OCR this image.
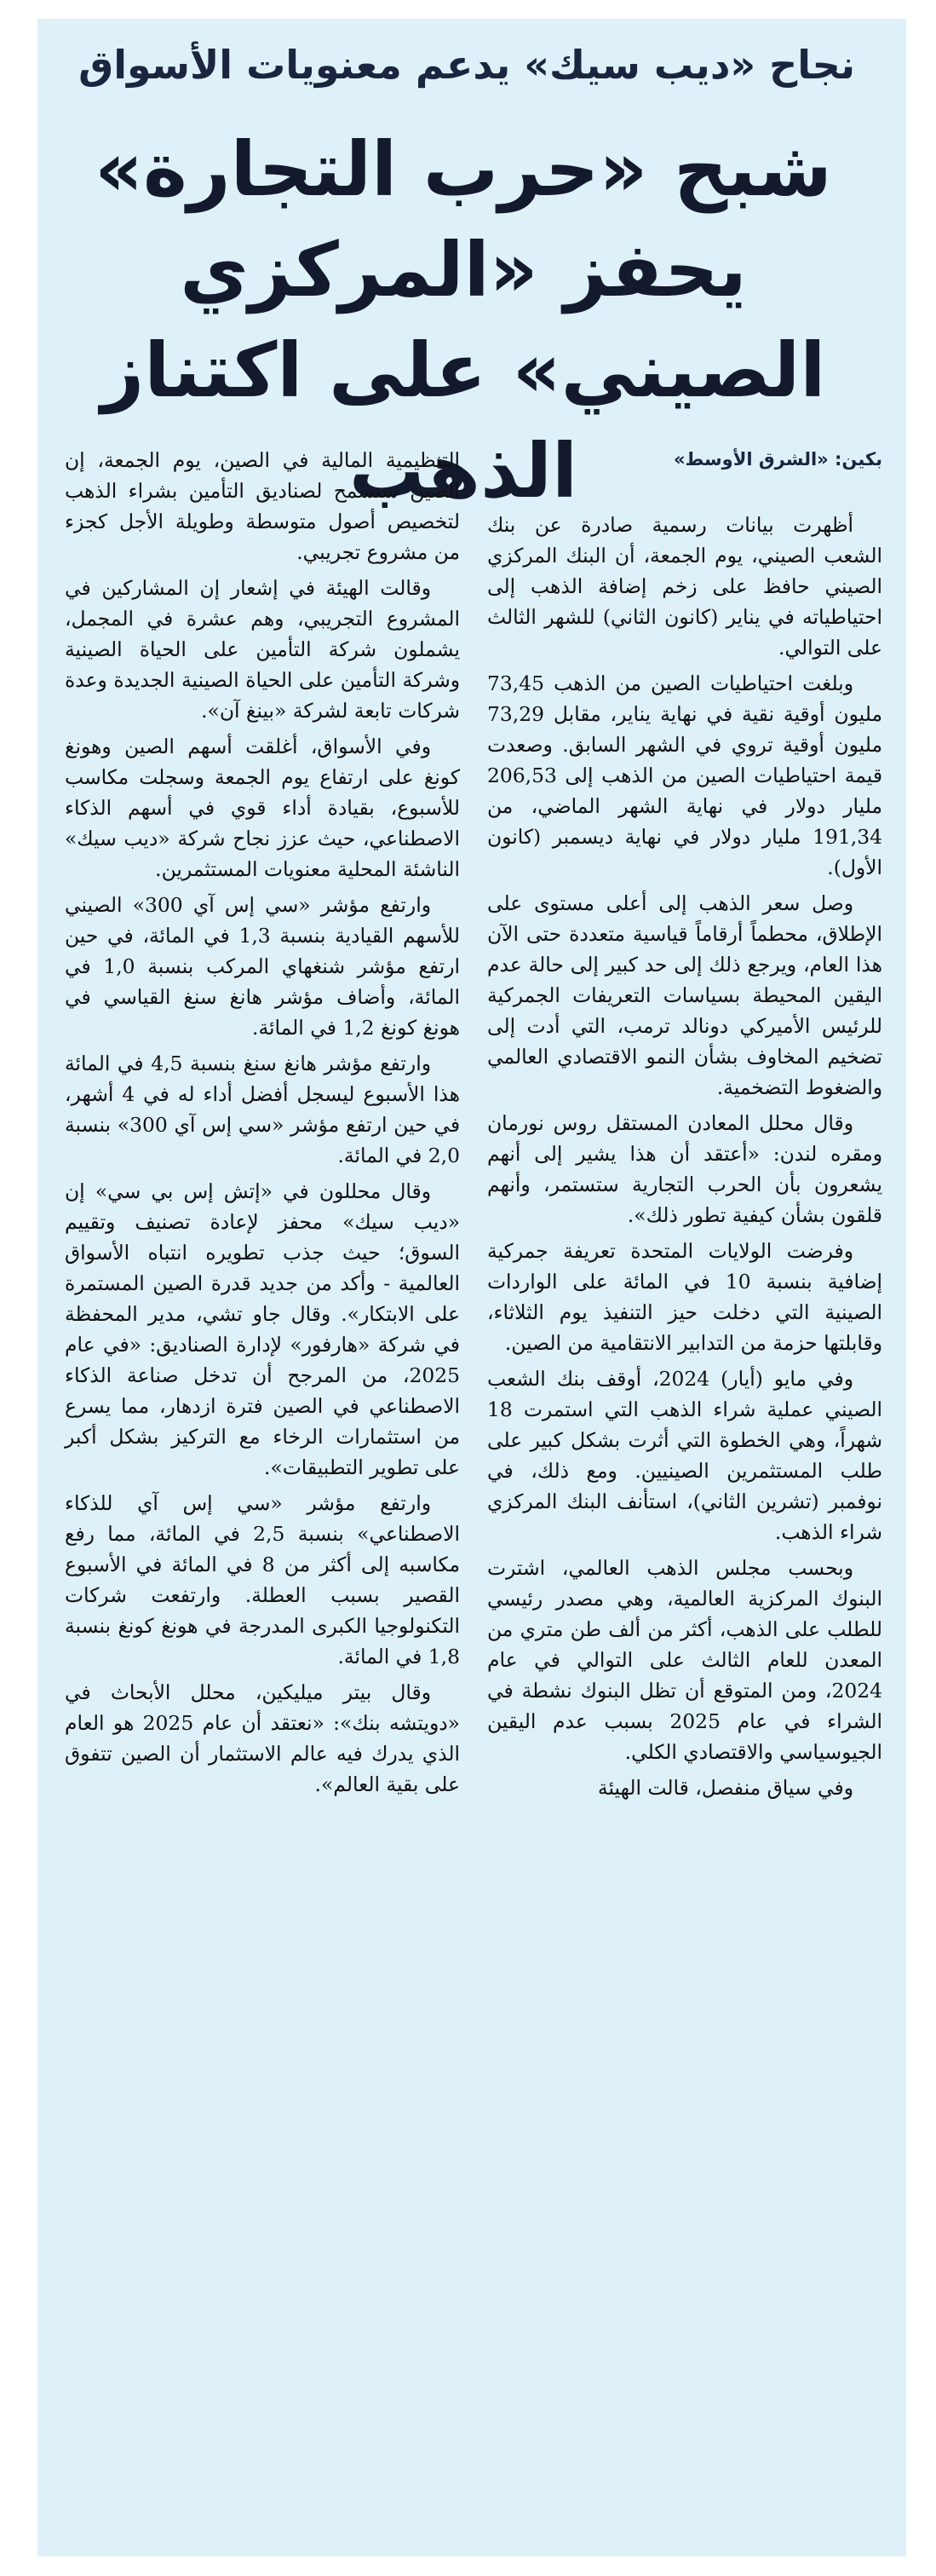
نجاح «ديب سيك» يدعم معنويات الأسواق
شبح «حرب التجارة» يحفز «المركزي الصيني» على اكتناز الذهب	بكين: «الشرق الأوسط»

أظهرت بيانات رسمية صادرة عن بنك الشعب الصيني، يوم الجمعة، أن البنك المركزي الصيني حافظ على زخم إضافة الذهب إلى احتياطياته في يناير (كانون الثاني) للشهر الثالث على التوالي.

وبلغت احتياطيات الصين من الذهب 73,45 مليون أوقية نقية في نهاية يناير، مقابل 73,29 مليون أوقية تروي في الشهر السابق. وصعدت قيمة احتياطيات الصين من الذهب إلى 206,53 مليار دولار في نهاية الشهر الماضي، من 191,34 مليار دولار في نهاية ديسمبر (كانون الأول).

وصل سعر الذهب إلى أعلى مستوى على الإطلاق، محطماً أرقاماً قياسية متعددة حتى الآن هذا العام، ويرجع ذلك إلى حد كبير إلى حالة عدم اليقين المحيطة بسياسات التعريفات الجمركية للرئيس الأميركي دونالد ترمب، التي أدت إلى تضخيم المخاوف بشأن النمو الاقتصادي العالمي والضغوط التضخمية.

وقال محلل المعادن المستقل روس نورمان ومقره لندن: «أعتقد أن هذا يشير إلى أنهم يشعرون بأن الحرب التجارية ستستمر، وأنهم قلقون بشأن كيفية تطور ذلك».

وفرضت الولايات المتحدة تعريفة جمركية إضافية بنسبة 10 في المائة على الواردات الصينية التي دخلت حيز التنفيذ يوم الثلاثاء، وقابلتها حزمة من التدابير الانتقامية من الصين.

وفي مايو (أيار) 2024، أوقف بنك الشعب الصيني عملية شراء الذهب التي استمرت 18 شهراً، وهي الخطوة التي أثرت بشكل كبير على طلب المستثمرين الصينيين. ومع ذلك، في نوفمبر (تشرين الثاني)، استأنف البنك المركزي شراء الذهب.

وبحسب مجلس الذهب العالمي، اشترت البنوك المركزية العالمية، وهي مصدر رئيسي للطلب على الذهب، أكثر من ألف طن متري من المعدن للعام الثالث على التوالي في عام 2024، ومن المتوقع أن تظل البنوك نشطة في الشراء في عام 2025 بسبب عدم اليقين الجيوسياسي والاقتصادي الكلي.

وفي سياق منفصل، قالت الهيئة

التنظيمية المالية في الصين، يوم الجمعة، إن الصين ستسمح لصناديق التأمين بشراء الذهب لتخصيص أصول متوسطة وطويلة الأجل كجزء من مشروع تجريبي.

وقالت الهيئة في إشعار إن المشاركين في المشروع التجريبي، وهم عشرة في المجمل، يشملون شركة التأمين على الحياة الصينية وشركة التأمين على الحياة الصينية الجديدة وعدة شركات تابعة لشركة «بينغ آن».

وفي الأسواق، أغلقت أسهم الصين وهونغ كونغ على ارتفاع يوم الجمعة وسجلت مكاسب للأسبوع، بقيادة أداء قوي في أسهم الذكاء الاصطناعي، حيث عزز نجاح شركة «ديب سيك» الناشئة المحلية معنويات المستثمرين.

وارتفع مؤشر «سي إس آي 300» الصيني للأسهم القيادية بنسبة 1,3 في المائة، في حين ارتفع مؤشر شنغهاي المركب بنسبة 1,0 في المائة، وأضاف مؤشر هانغ سنغ القياسي في هونغ كونغ 1,2 في المائة.

وارتفع مؤشر هانغ سنغ بنسبة 4,5 في المائة هذا الأسبوع ليسجل أفضل أداء له في 4 أشهر، في حين ارتفع مؤشر «سي إس آي 300» بنسبة 2,0 في المائة.

وقال محللون في «إتش إس بي سي» إن «ديب سيك» محفز لإعادة تصنيف وتقييم السوق؛ حيث جذب تطويره انتباه الأسواق العالمية - وأكد من جديد قدرة الصين المستمرة على الابتكار». وقال جاو تشي، مدير المحفظة في شركة «هارفور» لإدارة الصناديق: «في عام 2025، من المرجح أن تدخل صناعة الذكاء الاصطناعي في الصين فترة ازدهار، مما يسرع من استثمارات الرخاء مع التركيز بشكل أكبر على تطوير التطبيقات».

وارتفع مؤشر «سي إس آي للذكاء الاصطناعي» بنسبة 2,5 في المائة، مما رفع مكاسبه إلى أكثر من 8 في المائة في الأسبوع القصير بسبب العطلة. وارتفعت شركات التكنولوجيا الكبرى المدرجة في هونغ كونغ بنسبة 1,8 في المائة.

وقال بيتر ميليكين، محلل الأبحاث في «دويتشه بنك»: «نعتقد أن عام 2025 هو العام الذي يدرك فيه عالم الاستثمار أن الصين تتفوق على بقية العالم».
